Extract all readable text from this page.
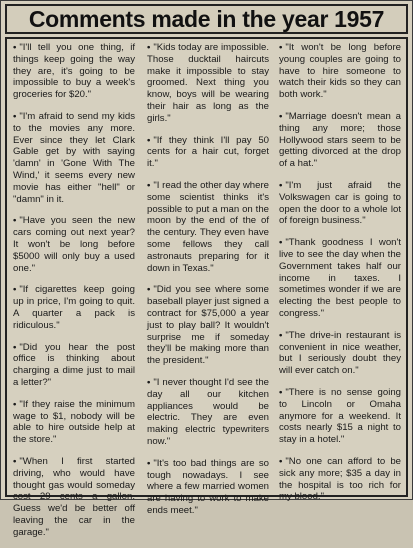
Comments made in the year 1957

• "I'll tell you one thing, if things keep going the way they are, it's going to be impossible to buy a week's groceries for $20."

• "I'm afraid to send my kids to the movies any more. Ever since they let Clark Gable get by with saying 'damn' in 'Gone With The Wind,' it seems every new movie has either "hell" or "damn" in it.

• "Have you seen the new cars coming out next year? It won't be long before $5000 will only buy a used one."

• "If cigarettes keep going up in price, I'm going to quit. A quarter a pack is ridiculous."

• "Did you hear the post office is thinking about charging a dime just to mail a letter?"

• "If they raise the minimum wage to $1, nobody will be able to hire outside help at the store."

• "When I first started driving, who would have thought gas would someday cost 29 cents a gallon. Guess we'd be better off leaving the car in the garage."

• "Kids today are impossible. Those ducktail haircuts make it impossible to stay groomed. Next thing you know, boys will be wearing their hair as long as the girls."

• "If they think I'll pay 50 cents for a hair cut, forget it."

• "I read the other day where some scientist thinks it's possible to put a man on the moon by the end of the of the century. They even have some fellows they call astronauts preparing for it down in Texas."

• "Did you see where some baseball player just signed a contract for $75,000 a year just to play ball? It wouldn't surprise me if someday they'll be making more than the president."

• "I never thought I'd see the day all our kitchen appliances would be electric. They are even making electric typewriters now."

• "It's too bad things are so tough nowadays. I see where a few married women are having to work to make ends meet."

• "It won't be long before young couples are going to have to hire someone to watch their kids so they can both work."

• "Marriage doesn't mean a thing any more; those Hollywood stars seem to be getting divorced at the drop of a hat."

• "I'm just afraid the Volkswagen car is going to open the door to a whole lot of foreign business."

• "Thank goodness I won't live to see the day when the Government takes half our income in taxes. I sometimes wonder if we are electing the best people to congress."

• "The drive-in restaurant is convenient in nice weather, but I seriously doubt they will ever catch on."

• "There is no sense going to Lincoln or Omaha anymore for a weekend. It costs nearly $15 a night to stay in a hotel."

• "No one can afford to be sick any more; $35 a day in the hospital is too rich for my blood."
